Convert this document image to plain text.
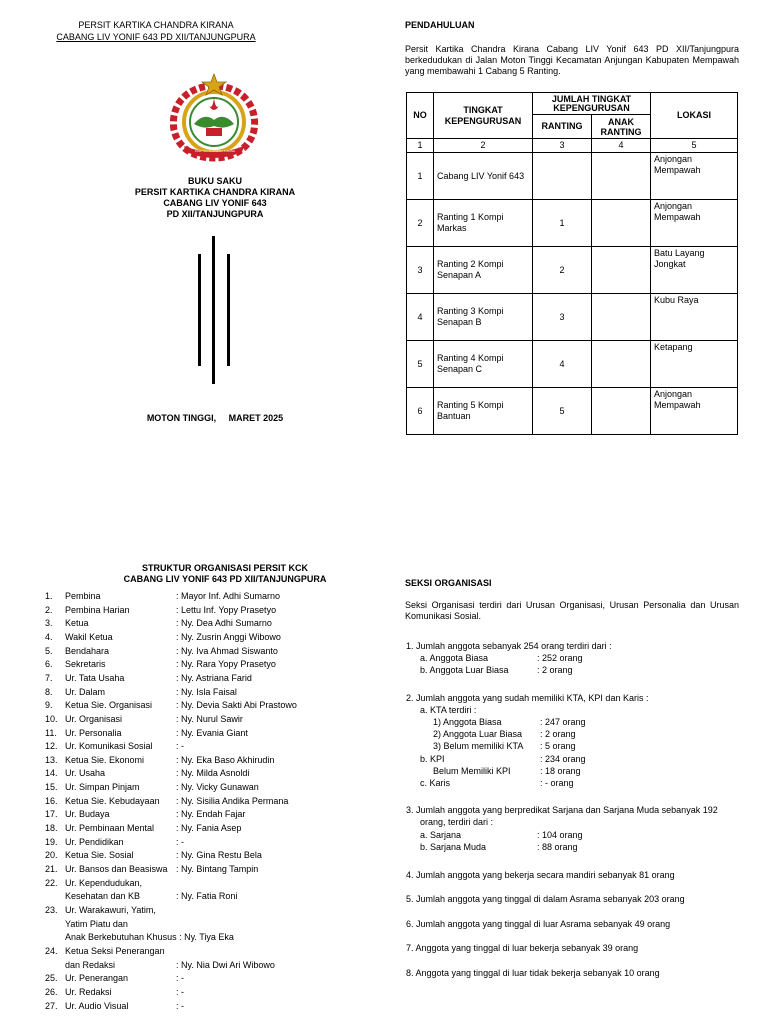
PERSIT KARTIKA CHANDRA KIRANA
CABANG LIV YONIF 643 PD XII/TANJUNGPURA
KARTIKA CHANDRA KIRANA
BUKU SAKU
PERSIT KARTIKA CHANDRA KIRANA
CABANG LIV YONIF 643
PD XII/TANJUNGPURA
MOTON TINGGI,     MARET 2025
PENDAHULUAN
Persit Kartika Chandra Kirana Cabang LIV Yonif 643 PD XII/Tanjungpura berkedudukan di Jalan Moton Tinggi Kecamatan Anjungan Kabupaten Mempawah yang membawahi 1 Cabang 5 Ranting.
NO	TINGKAT KEPENGURUSAN	JUMLAH TINGKAT KEPENGURUSAN		LOKASI
		RANTING	ANAK RANTING	
1	2	3	4	5
1	Cabang LIV Yonif 643			Anjongan Mempawah
2	Ranting 1 Kompi Markas	1		Anjongan Mempawah
3	Ranting 2 Kompi Senapan A	2		Batu Layang Jongkat
4	Ranting 3 Kompi Senapan B	3		Kubu Raya
5	Ranting 4 Kompi Senapan C	4		Ketapang
6	Ranting 5 Kompi Bantuan	5		Anjongan Mempawah
STRUKTUR ORGANISASI PERSIT KCK
CABANG LIV YONIF 643 PD XII/TANJUNGPURA
1.	Pembina	: Mayor Inf. Adhi Sumarno
2.	Pembina Harian	: Lettu Inf. Yopy Prasetyo
3.	Ketua	: Ny. Dea Adhi Sumarno
4.	Wakil Ketua	: Ny. Zusrin Anggi Wibowo
5.	Bendahara	: Ny. Iva Ahmad Siswanto
6.	Sekretaris	: Ny. Rara Yopy Prasetyo
7.	Ur. Tata Usaha	: Ny. Astriana Farid
8.	Ur. Dalam	: Ny. Isla Faisal
9.	Ketua Sie. Organisasi	: Ny. Devia Sakti Abi Prastowo
10. Ur. Organisasi	: Ny. Nurul Sawir
11. Ur. Personalia	: Ny. Evania Giant
12. Ur. Komunikasi Sosial	: -
13. Ketua Sie. Ekonomi	: Ny. Eka Baso Akhirudin
14. Ur. Usaha	: Ny. Milda Asnoldi
15. Ur. Simpan Pinjam	: Ny. Vicky Gunawan
16. Ketua Sie. Kebudayaan : Ny. Sisilia Andika Permana
17. Ur. Budaya	: Ny. Endah Fajar
18. Ur. Pembinaan Mental : Ny. Fania Asep
19. Ur. Pendidikan	: -
20. Ketua Sie. Sosial	: Ny. Gina Restu Bela
21. Ur. Bansos dan Beasiswa : Ny. Bintang Tampin
22. Ur. Kependudukan,
Kesehatan dan KB	: Ny. Fatia Roni
23. Ur. Warakawuri, Yatim,
Yatim Piatu dan
Anak Berkebutuhan Khusus : Ny. Tiya Eka
24. Ketua Seksi Penerangan
dan Redaksi	: Ny. Nia Dwi Ari Wibowo
25. Ur. Penerangan	: -
26. Ur. Redaksi	: -
27. Ur. Audio Visual	: -
SEKSI ORGANISASI
Seksi Organisasi terdiri dari Urusan Organisasi, Urusan Personalia dan Urusan Komunikasi Sosial.
1. Jumlah anggota sebanyak 254 orang terdiri dari :
a. Anggota Biasa	: 252 orang
b. Anggota Luar Biasa	: 2 orang
2. Jumlah anggota yang sudah memiliki KTA, KPI dan Karis :
a. KTA terdiri :
1) Anggota Biasa	: 247 orang
2) Anggota Luar Biasa : 2 orang
3) Belum memiliki KTA : 5 orang
b. KPI	: 234 orang
Belum Memiliki KPI	: 18 orang
c. Karis	: - orang
3. Jumlah anggota yang berpredikat Sarjana dan Sarjana Muda sebanyak 192
orang, terdiri dari :
a. Sarjana	: 104 orang
b. Sarjana Muda	: 88 orang
4. Jumlah anggota yang bekerja secara mandiri sebanyak 81 orang
5. Jumlah anggota yang tinggal di dalam Asrama sebanyak 203 orang
6. Jumlah anggota yang tinggal di luar Asrama sebanyak 49 orang
7. Anggota yang tinggal di luar bekerja sebanyak 39 orang
8. Anggota yang tinggal di luar tidak bekerja sebanyak 10 orang
